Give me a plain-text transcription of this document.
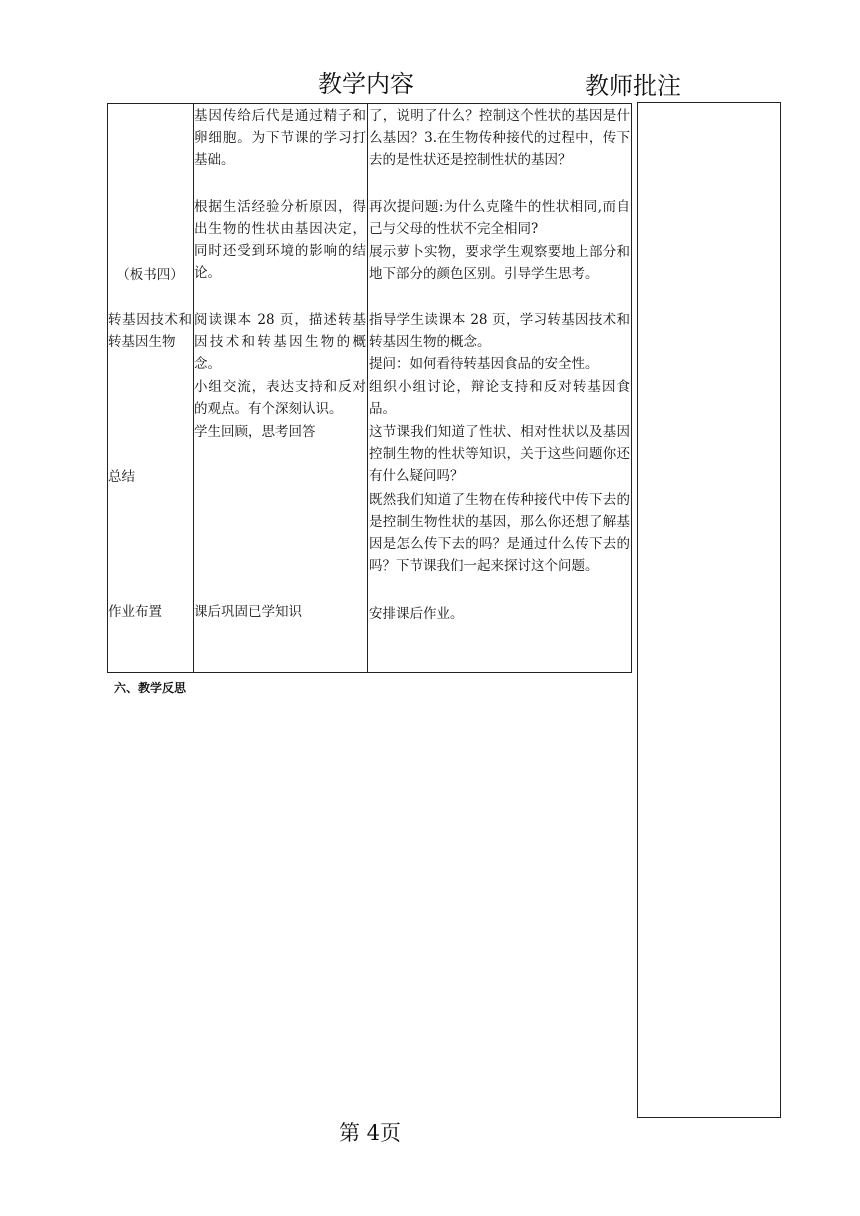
教学内容	教师批注
（板书四）
转基因技术和转基因生物
总结
作业布置
基因传给后代是通过精子和卵细胞。为下节课的学习打基础。
根据生活经验分析原因，得出生物的性状由基因决定，同时还受到环境的影响的结论。
阅读课本 28 页，描述转基因技术和转基因生物的概念。
小组交流，表达支持和反对的观点。有个深刻认识。
学生回顾，思考回答
课后巩固已学知识
了，说明了什么？控制这个性状的基因是什么基因？3.在生物传种接代的过程中，传下去的是性状还是控制性状的基因？
再次提问题:为什么克隆牛的性状相同,而自己与父母的性状不完全相同?
展示萝卜实物，要求学生观察要地上部分和地下部分的颜色区别。引导学生思考。
指导学生读课本 28 页，学习转基因技术和转基因生物的概念。
提问：如何看待转基因食品的安全性。
组织小组讨论，辩论支持和反对转基因食品。
这节课我们知道了性状、相对性状以及基因控制生物的性状等知识，关于这些问题你还有什么疑问吗？
既然我们知道了生物在传种接代中传下去的是控制生物性状的基因，那么你还想了解基因是怎么传下去的吗？是通过什么传下去的吗？下节课我们一起来探讨这个问题。
安排课后作业。
六、教学反思
第 4页
